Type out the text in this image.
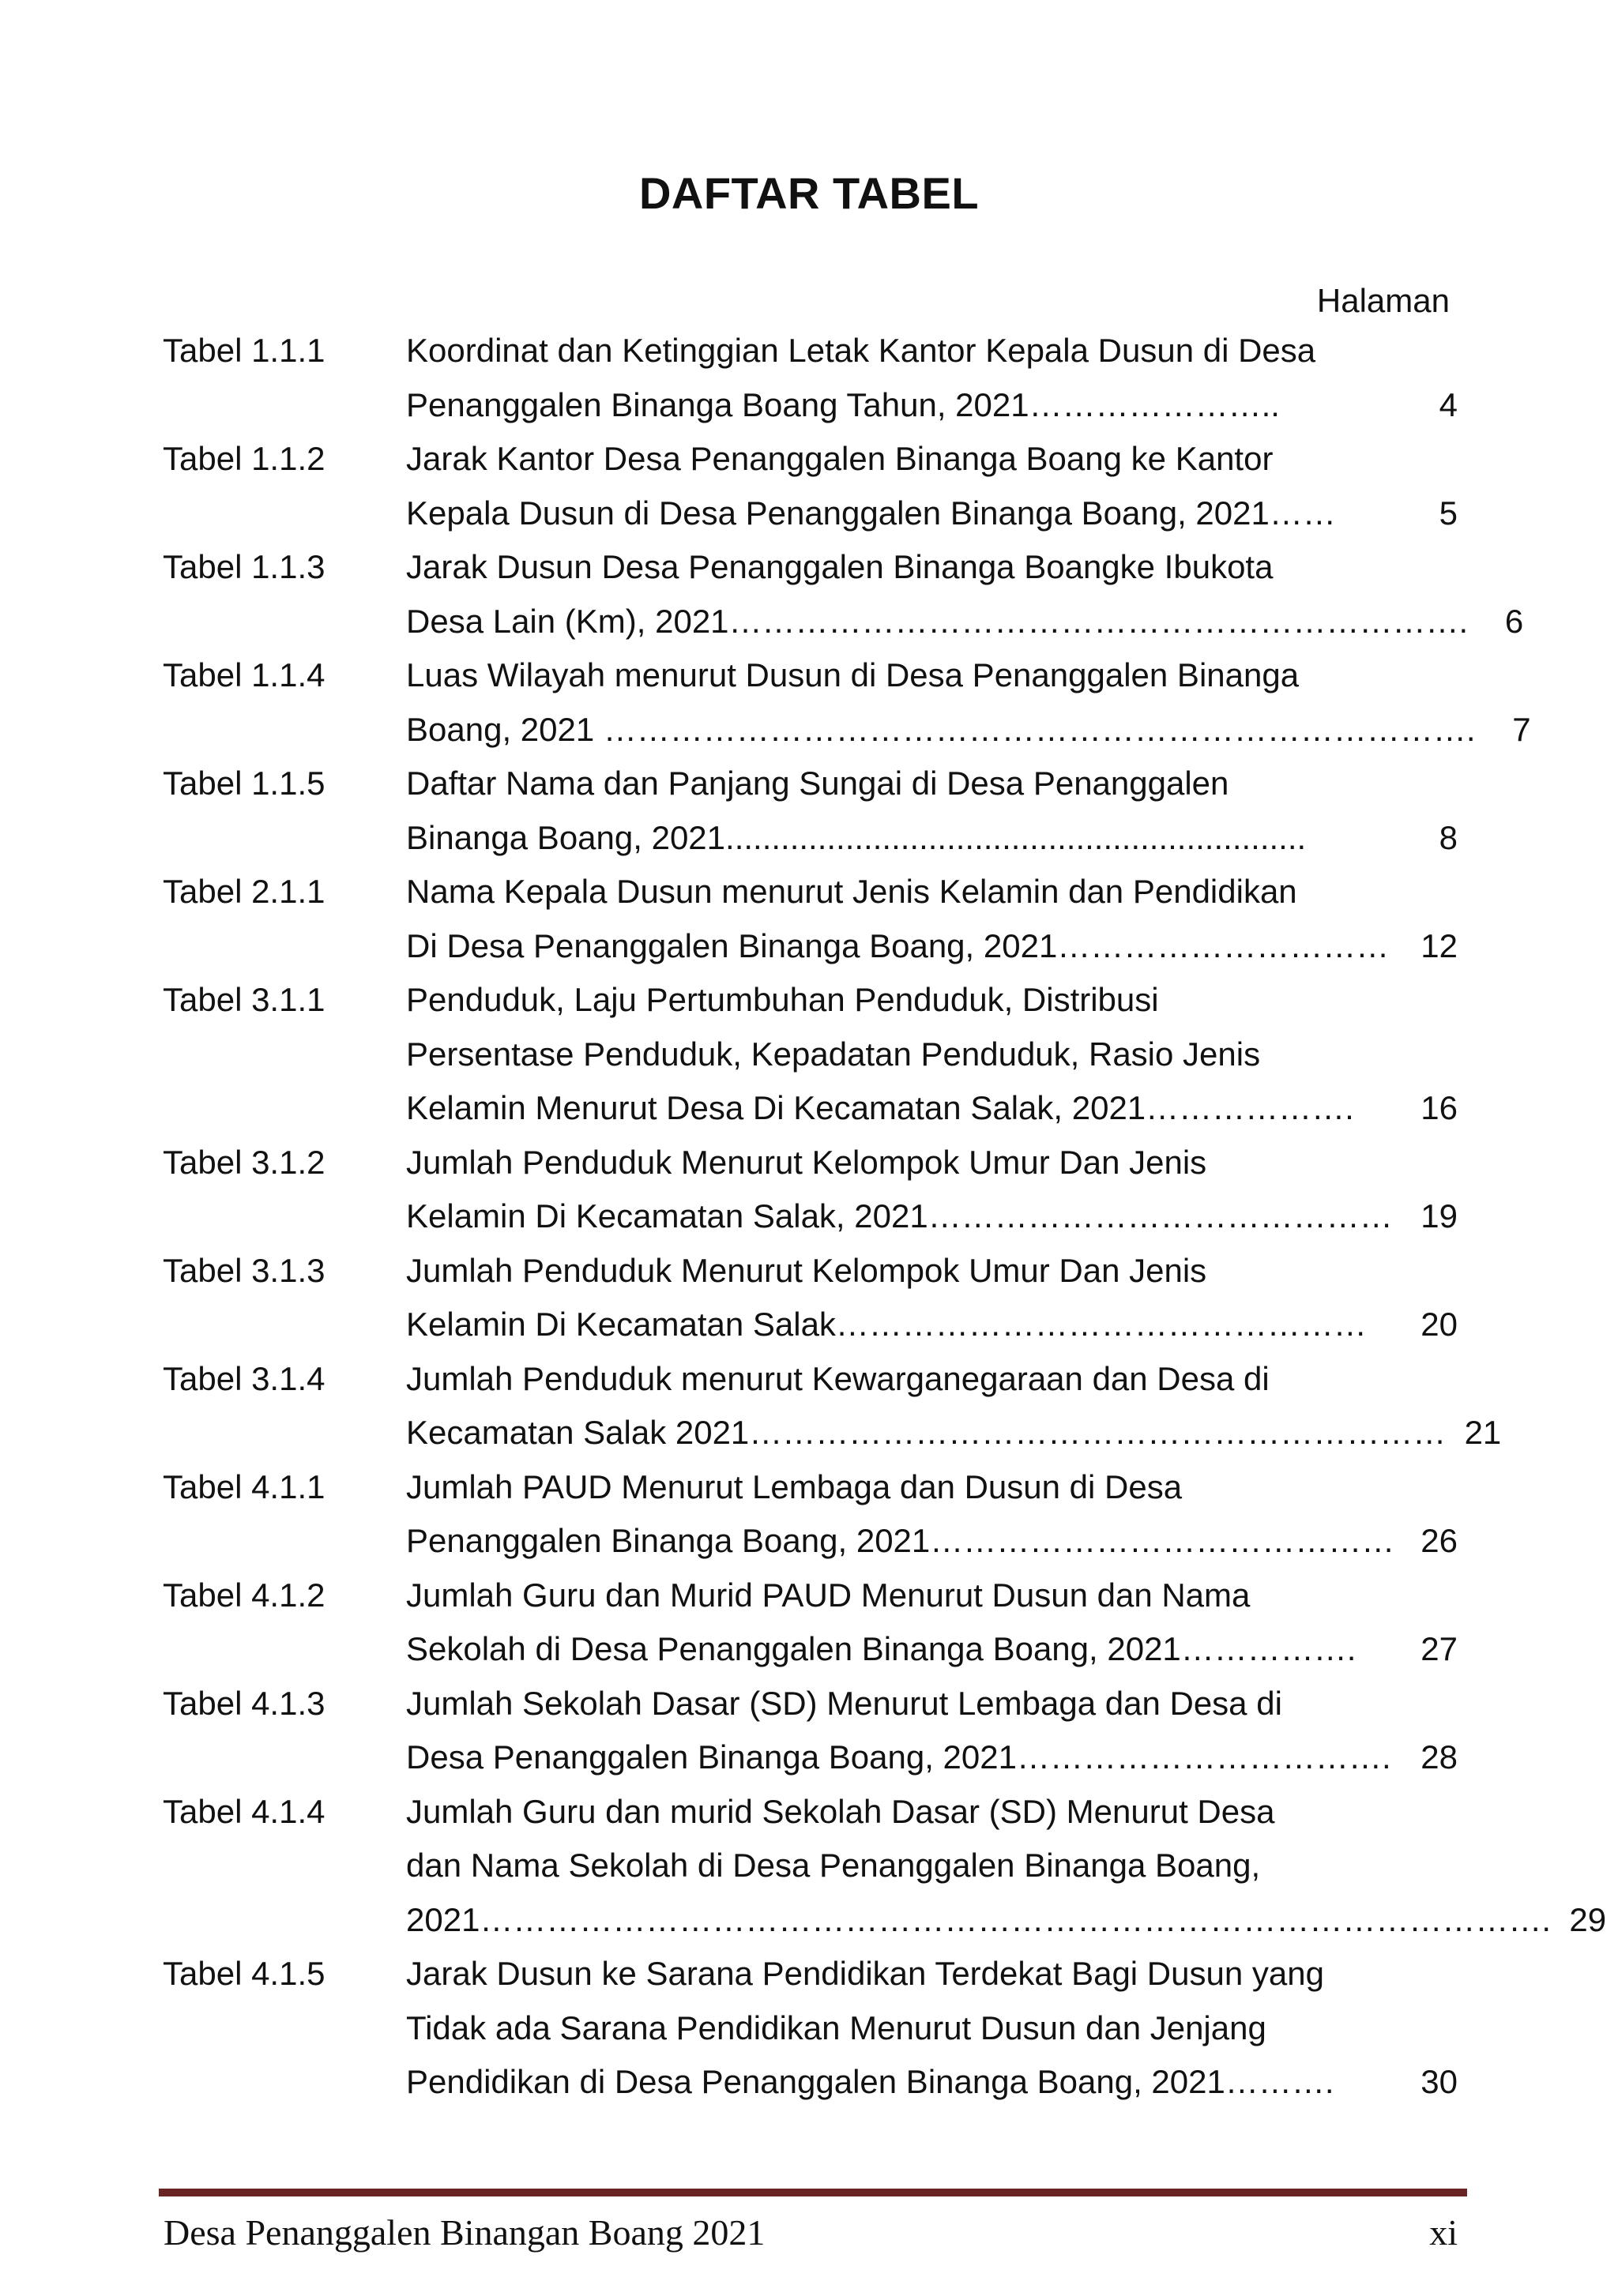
DAFTAR TABEL
Halaman
Tabel 1.1.1	Koordinat dan Ketinggian Letak Kantor Kepala Dusun di Desa
Penanggalen Binanga Boang Tahun, 2021…………………..	4
Tabel 1.1.2	Jarak Kantor Desa Penanggalen Binanga Boang ke Kantor
Kepala Dusun di Desa Penanggalen Binanga Boang, 2021……	5
Tabel 1.1.3	Jarak Dusun Desa Penanggalen Binanga Boangke Ibukota
Desa Lain (Km), 2021………………………………………………………….	6
Tabel 1.1.4	Luas Wilayah menurut Dusun di Desa Penanggalen Binanga
Boang, 2021 …………………………………………………………………….	7
Tabel 1.1.5	Daftar Nama dan Panjang Sungai di Desa Penanggalen
Binanga Boang, 2021...............................................................	8
Tabel 2.1.1	Nama Kepala Dusun menurut Jenis Kelamin dan Pendidikan
Di Desa Penanggalen Binanga Boang, 2021………………………… 12
Tabel 3.1.1	Penduduk, Laju Pertumbuhan Penduduk, Distribusi
Persentase Penduduk, Kepadatan Penduduk, Rasio Jenis
Kelamin Menurut Desa Di Kecamatan Salak, 2021……………….	16
Tabel 3.1.2	Jumlah Penduduk Menurut Kelompok Umur Dan Jenis
Kelamin Di Kecamatan Salak, 2021…………………………………… 19
Tabel 3.1.3	Jumlah Penduduk Menurut Kelompok Umur Dan Jenis
Kelamin Di Kecamatan Salak…………………………………………	20
Tabel 3.1.4	Jumlah Penduduk menurut Kewarganegaraan dan Desa di
Kecamatan Salak 2021……………………………………………………… 21
Tabel 4.1.1	Jumlah PAUD Menurut Lembaga dan Dusun di Desa
Penanggalen Binanga Boang, 2021…………………………………… 26
Tabel 4.1.2	Jumlah Guru dan Murid PAUD Menurut Dusun dan Nama
Sekolah di Desa Penanggalen Binanga Boang, 2021…………….	27
Tabel 4.1.3	Jumlah Sekolah Dasar (SD) Menurut Lembaga dan Desa di
Desa Penanggalen Binanga Boang, 2021……………………………. 28
Tabel 4.1.4	Jumlah Guru dan murid Sekolah Dasar (SD) Menurut Desa
dan Nama Sekolah di Desa Penanggalen Binanga Boang,
2021……………………………………………………………………………………. 29
Tabel 4.1.5	Jarak Dusun ke Sarana Pendidikan Terdekat Bagi Dusun yang
Tidak ada Sarana Pendidikan Menurut Dusun dan Jenjang
Pendidikan di Desa Penanggalen Binanga Boang, 2021……….	30
Desa Penanggalen Binangan Boang 2021	xi
